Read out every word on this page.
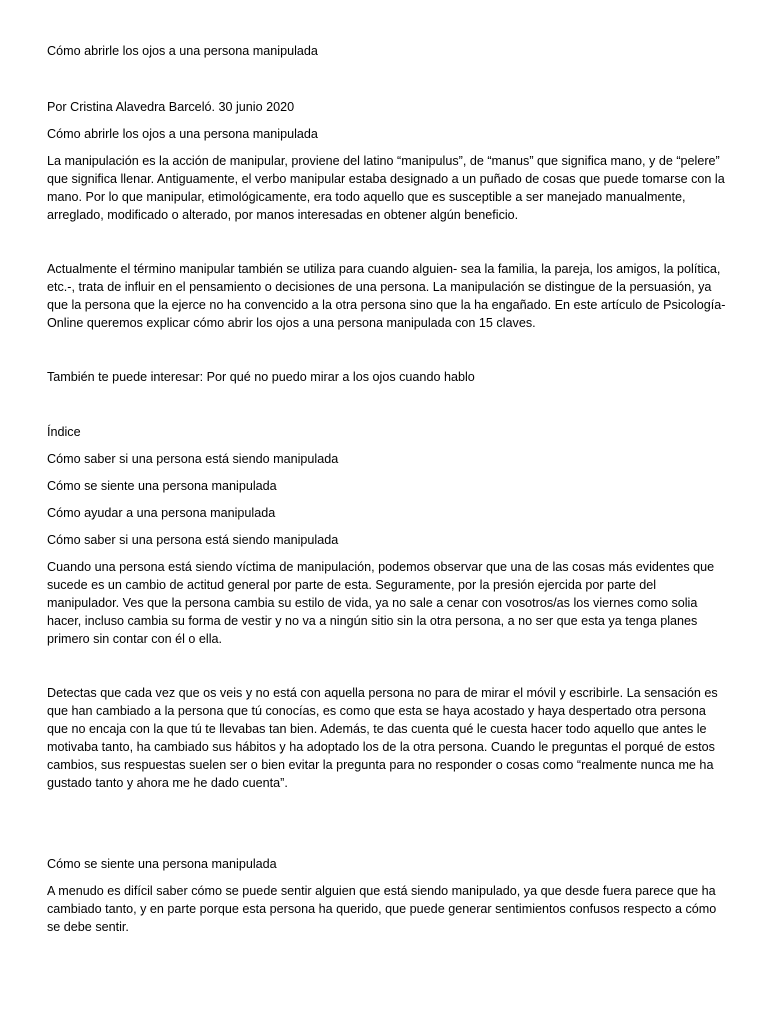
Cómo abrirle los ojos a una persona manipulada

Por Cristina Alavedra Barceló. 30 junio 2020

Cómo abrirle los ojos a una persona manipulada

La manipulación es la acción de manipular, proviene del latino “manipulus”, de “manus” que significa mano, y de “pelere” que significa llenar. Antiguamente, el verbo manipular estaba designado a un puñado de cosas que puede tomarse con la mano. Por lo que manipular, etimológicamente, era todo aquello que es susceptible a ser manejado manualmente, arreglado, modificado o alterado, por manos interesadas en obtener algún beneficio.

Actualmente el término manipular también se utiliza para cuando alguien- sea la familia, la pareja, los amigos, la política, etc.-, trata de influir en el pensamiento o decisiones de una persona. La manipulación se distingue de la persuasión, ya que la persona que la ejerce no ha convencido a la otra persona sino que la ha engañado. En este artículo de Psicología-Online queremos explicar cómo abrir los ojos a una persona manipulada con 15 claves.

También te puede interesar: Por qué no puedo mirar a los ojos cuando hablo

Índice

Cómo saber si una persona está siendo manipulada

Cómo se siente una persona manipulada

Cómo ayudar a una persona manipulada

Cómo saber si una persona está siendo manipulada

Cuando una persona está siendo víctima de manipulación, podemos observar que una de las cosas más evidentes que sucede es un cambio de actitud general por parte de esta. Seguramente, por la presión ejercida por parte del manipulador. Ves que la persona cambia su estilo de vida, ya no sale a cenar con vosotros/as los viernes como solia hacer, incluso cambia su forma de vestir y no va a ningún sitio sin la otra persona, a no ser que esta ya tenga planes primero sin contar con él o ella.

Detectas que cada vez que os veis y no está con aquella persona no para de mirar el móvil y escribirle. La sensación es que han cambiado a la persona que tú conocías, es como que esta se haya acostado y haya despertado otra persona que no encaja con la que tú te llevabas tan bien. Además, te das cuenta qué le cuesta hacer todo aquello que antes le motivaba tanto, ha cambiado sus hábitos y ha adoptado los de la otra persona. Cuando le preguntas el porqué de estos cambios, sus respuestas suelen ser o bien evitar la pregunta para no responder o cosas como “realmente nunca me ha gustado tanto y ahora me he dado cuenta”.

Cómo se siente una persona manipulada

A menudo es difícil saber cómo se puede sentir alguien que está siendo manipulado, ya que desde fuera parece que ha cambiado tanto, y en parte porque esta persona ha querido, que puede generar sentimientos confusos respecto a cómo se debe sentir.
